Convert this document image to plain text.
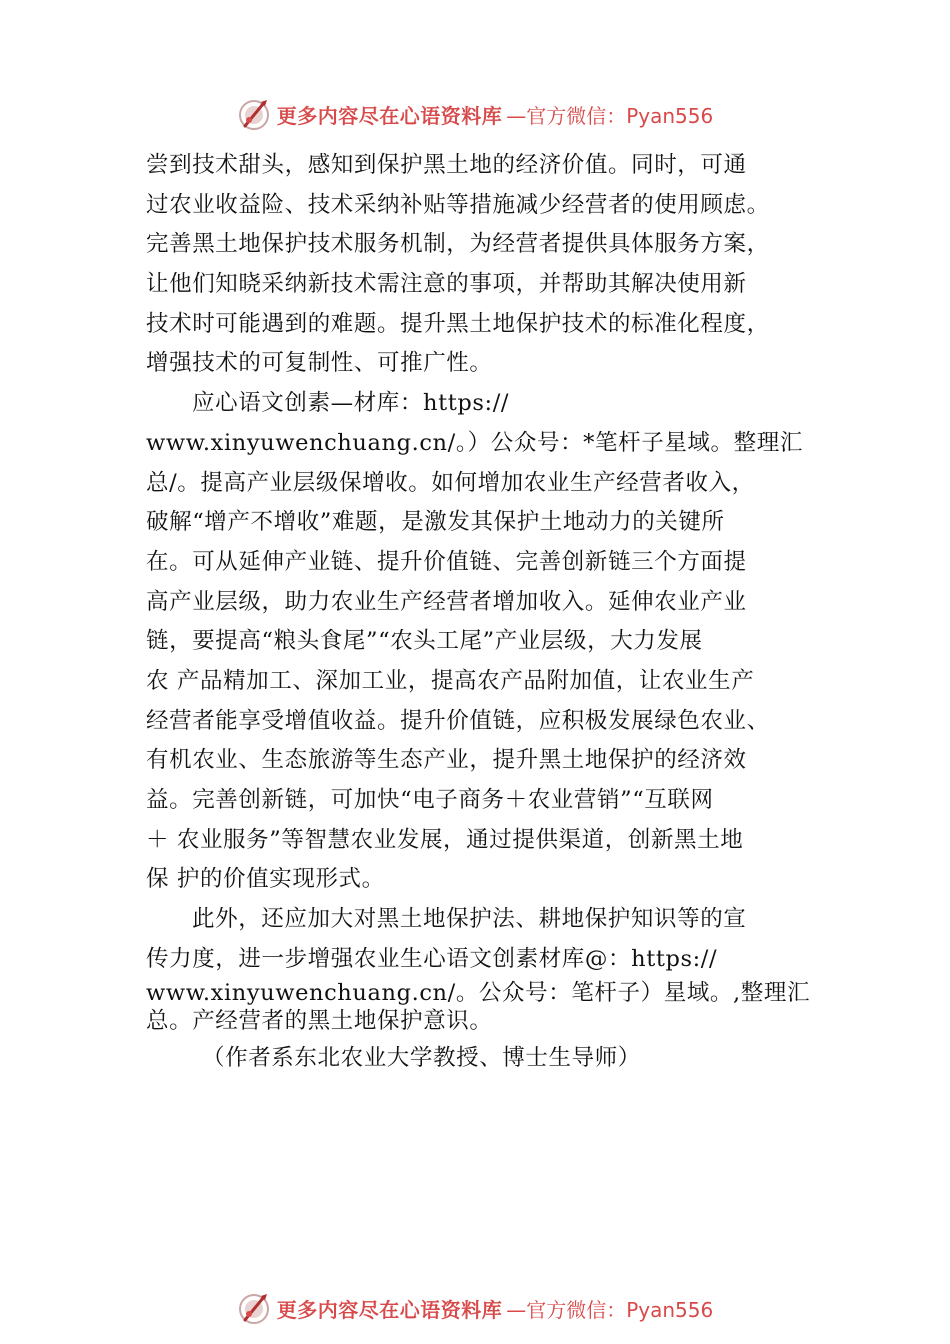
更多内容尽在心语资料库 —官方微信：Pyan556
尝到技术甜头，感知到保护黑土地的经济价值。同时，可通
过农业收益险、技术采纳补贴等措施减少经营者的使用顾虑。
完善黑土地保护技术服务机制，为经营者提供具体服务方案，
让他们知晓采纳新技术需注意的事项，并帮助其解决使用新
技术时可能遇到的难题。提升黑土地保护技术的标准化程度，
增强技术的可复制性、可推广性。
应心语文创素—材库：https://
www.xinyuwenchuang.cn/。）公众号：*笔杆子星域。整理汇
总/。提高产业层级保增收。如何增加农业生产经营者收入，
破解“增产不增收”难题，是激发其保护土地动力的关键所
在。可从延伸产业链、提升价值链、完善创新链三个方面提
高产业层级，助力农业生产经营者增加收入。延伸农业产业
链，要提高“粮头食尾”“农头工尾”产业层级，大力发展
农 产品精加工、深加工业，提高农产品附加值，让农业生产
经营者能享受增值收益。提升价值链，应积极发展绿色农业、
有机农业、生态旅游等生态产业，提升黑土地保护的经济效
益。完善创新链，可加快“电子商务＋农业营销”“互联网
＋ 农业服务”等智慧农业发展，通过提供渠道，创新黑土地
保 护的价值实现形式。
此外，还应加大对黑土地保护法、耕地保护知识等的宣
传力度，进一步增强农业生心语文创素材库@：https://
www.xinyuwenchuang.cn/。公众号：笔杆子）星域。,整理汇
总。产经营者的黑土地保护意识。
（作者系东北农业大学教授、博士生导师）
更多内容尽在心语资料库 —官方微信：Pyan556
